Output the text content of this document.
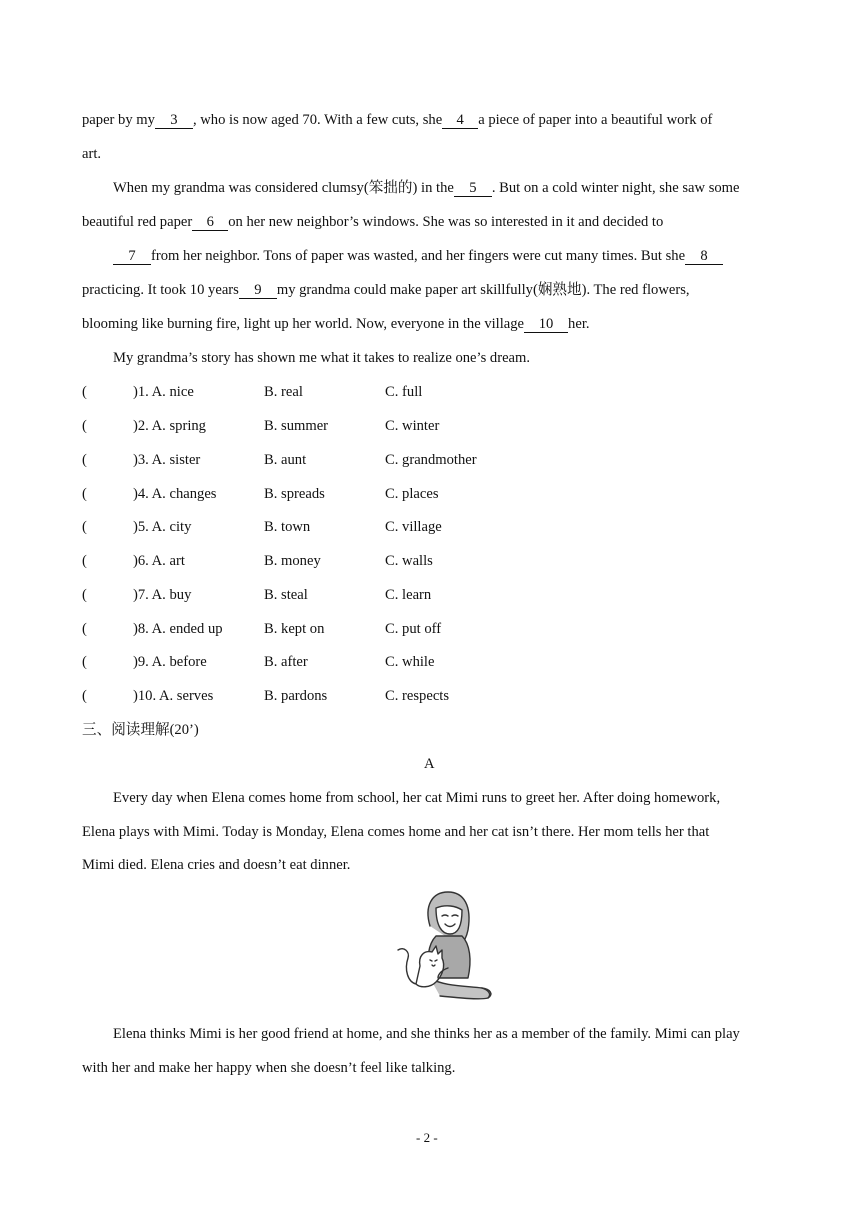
paper by my 3 , who is now aged 70. With a few cuts, she 4 a piece of paper into a beautiful work of
art.
When my grandma was considered clumsy(笨拙的) in the 5 . But on a cold winter night, she saw some
beautiful red paper 6 on her new neighbor’s windows. She was so interested in it and decided to
7 from her neighbor. Tons of paper was wasted, and her fingers were cut many times. But she 8
practicing. It took 10 years 9 my grandma could make paper art skillfully(娴熟地). The red flowers,
blooming like burning fire, light up her world. Now, everyone in the village 10 her.
My grandma’s story has shown me what it takes to realize one’s dream.
(	)1. A. nice	B. real	C. full
(	)2. A. spring	B. summer	C. winter
(	)3. A. sister	B. aunt	C. grandmother
(	)4. A. changes	B. spreads	C. places
(	)5. A. city	B. town	C. village
(	)6. A. art	B. money	C. walls
(	)7. A. buy	B. steal	C. learn
(	)8. A. ended up	B. kept on	C. put off
(	)9. A. before	B. after	C. while
(	)10. A. serves	B. pardons	C. respects
三、阅读理解(20’)
A
Every day when Elena comes home from school, her cat Mimi runs to greet her. After doing homework,
Elena plays with Mimi. Today is Monday, Elena comes home and her cat isn’t there. Her mom tells her that
Mimi died. Elena cries and doesn’t eat dinner.
Elena thinks Mimi is her good friend at home, and she thinks her as a member of the family. Mimi can play
with her and make her happy when she doesn’t feel like talking.
- 2 -
